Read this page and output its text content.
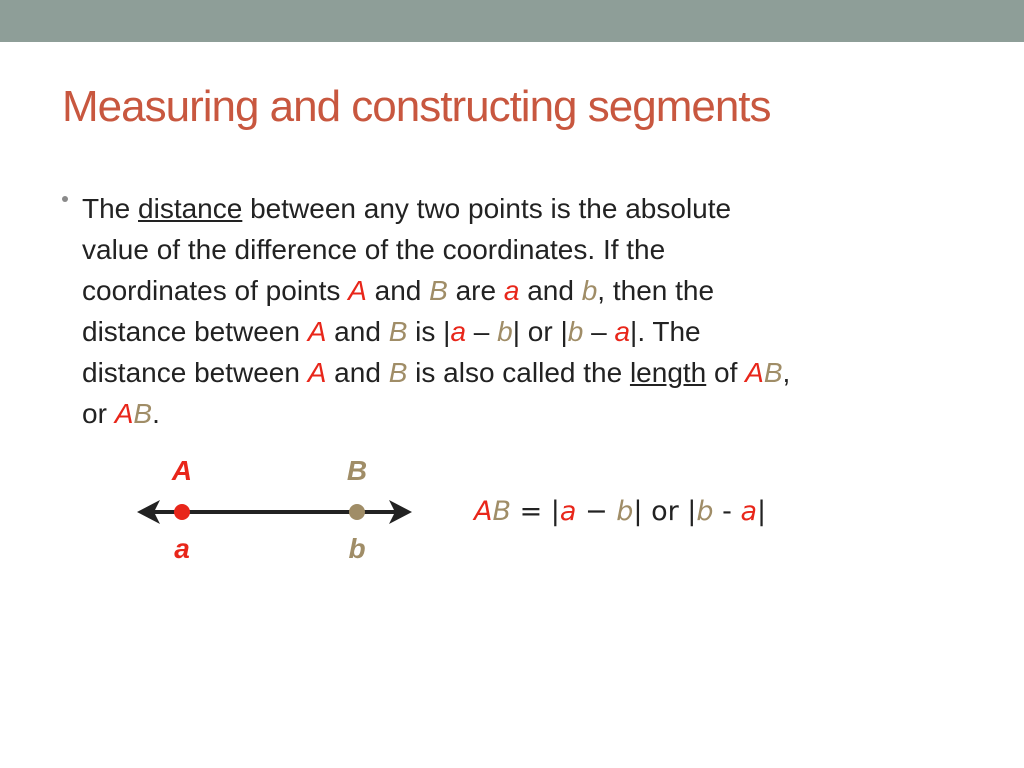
Measuring and constructing segments
The distance between any two points is the absolute
value of the difference of the coordinates. If the
coordinates of points A and B are a and b, then the
distance between A and B is |a – b| or |b – a|. The
distance between A and B is also called the length of AB,
or AB.
A	B
a	b
AB = |a − b| or |b - a|
